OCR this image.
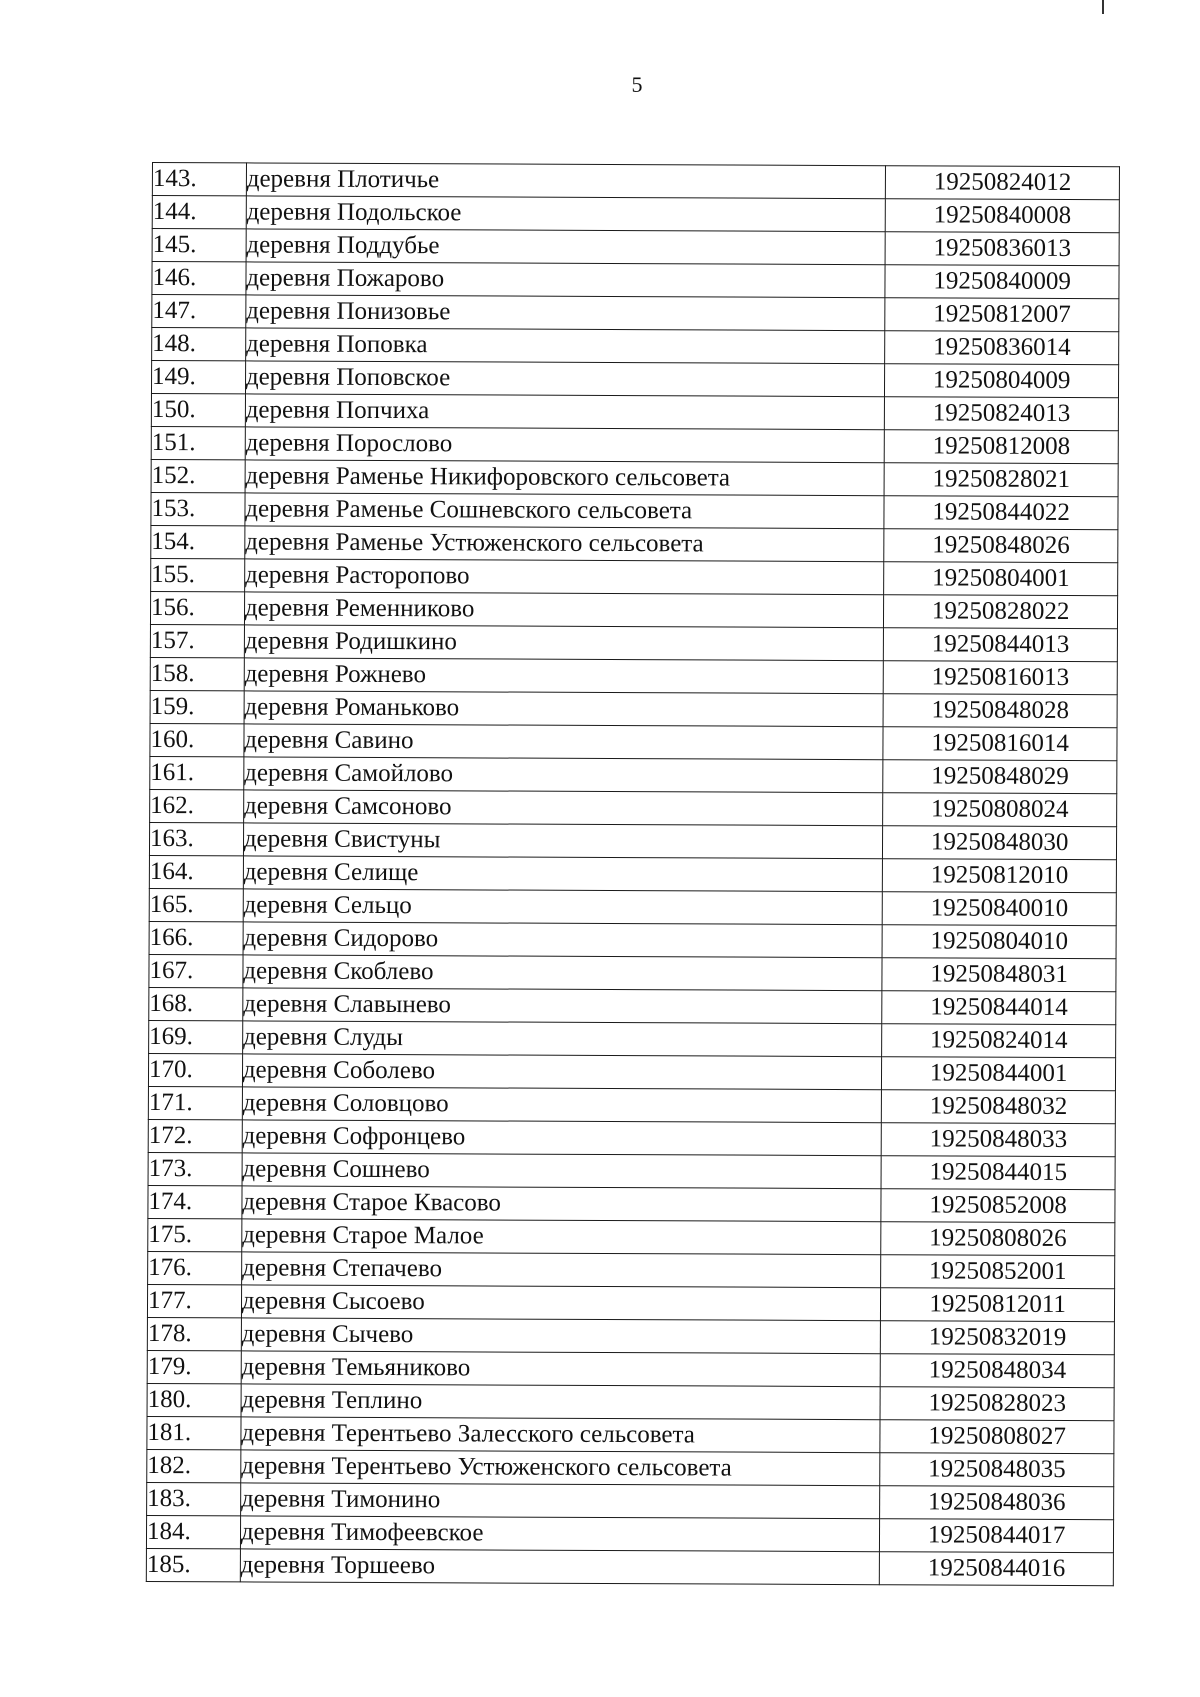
5
143.	деревня Плотичье	19250824012
144.	деревня Подольское	19250840008
145.	деревня Поддубье	19250836013
146.	деревня Пожарово	19250840009
147.	деревня Понизовье	19250812007
148.	деревня Поповка	19250836014
149.	деревня Поповское	19250804009
150.	деревня Попчиха	19250824013
151.	деревня Порослово	19250812008
152.	деревня Раменье Никифоровского сельсовета	19250828021
153.	деревня Раменье Сошневского сельсовета	19250844022
154.	деревня Раменье Устюженского сельсовета	19250848026
155.	деревня Расторопово	19250804001
156.	деревня Ременниково	19250828022
157.	деревня Родишкино	19250844013
158.	деревня Рожнево	19250816013
159.	деревня Романьково	19250848028
160.	деревня Савино	19250816014
161.	деревня Самойлово	19250848029
162.	деревня Самсоново	19250808024
163.	деревня Свистуны	19250848030
164.	деревня Селище	19250812010
165.	деревня Сельцо	19250840010
166.	деревня Сидорово	19250804010
167.	деревня Скоблево	19250848031
168.	деревня Славынево	19250844014
169.	деревня Слуды	19250824014
170.	деревня Соболево	19250844001
171.	деревня Соловцово	19250848032
172.	деревня Софронцево	19250848033
173.	деревня Сошнево	19250844015
174.	деревня Старое Квасово	19250852008
175.	деревня Старое Малое	19250808026
176.	деревня Степачево	19250852001
177.	деревня Сысоево	19250812011
178.	деревня Сычево	19250832019
179.	деревня Темьяниково	19250848034
180.	деревня Теплино	19250828023
181.	деревня Терентьево Залесского сельсовета	19250808027
182.	деревня Терентьево Устюженского сельсовета	19250848035
183.	деревня Тимонино	19250848036
184.	деревня Тимофеевское	19250844017
185.	деревня Торшеево	19250844016
